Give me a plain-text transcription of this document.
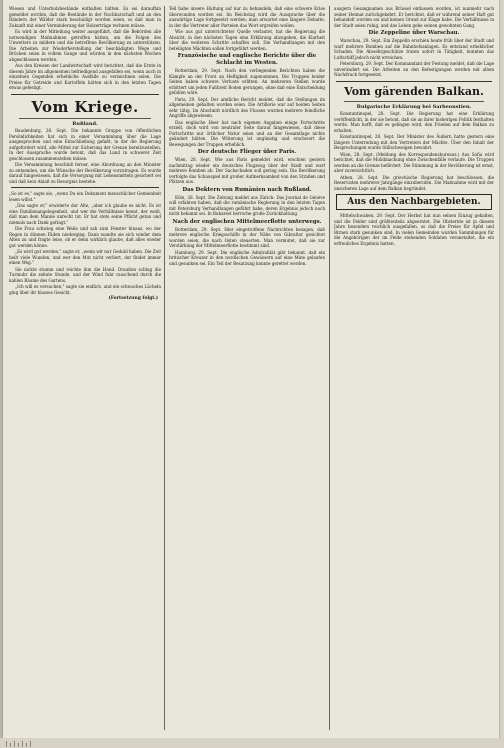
Wiesen und Unterholzbestände enthalten hätten. Es sei daraufhin gemeldet worden, daß die Bestände in der Nachbarschaft und an den Rändern der Wälder stark beschädigt worden seien, so daß man in Zukunft mit einer Verminderung der Holzerträge rechnen müsse.

Es wird in der Mitteilung weiter ausgeführt, daß die Behörden alle notwendigen Maßnahmen getroffen hätten, um die Folgen des Unwetters zu mildern und die betroffene Bevölkerung zu unterstützen. Die Arbeiten zur Wiederherstellung der beschädigten Wege und Brücken seien in vollem Gange und würden in den nächsten Wochen abgeschlossen werden.

Aus den Kreisen der Landwirtschaft wird berichtet, daß die Ernte in diesem Jahre im allgemeinen befriedigend ausgefallen sei, wenn auch in einzelnen Gegenden erhebliche Ausfälle zu verzeichnen seien. Die Preise für Getreide und Kartoffeln hätten sich in den letzten Tagen etwas gefestigt.

Vom Kriege.
Rußland.

Baudenburg, 26. Sept. Die bekannte Gruppe von öffentlichen Persönlichkeiten hat sich in einer Versammlung über die Lage ausgesprochen und eine Entschließung gefaßt, in der die Regierung aufgefordert wird, alle Mittel zur Sicherung der Grenze bereitzustellen. In der Aussprache wurde betont, daß das Land in schwerer Zeit geschlossen zusammenstehen müsse.

Die Versammlung beschloß ferner, eine Abordnung an den Minister zu entsenden, um die Wünsche der Bevölkerung vorzutragen. Es wurde darauf hingewiesen, daß die Versorgung mit Lebensmitteln gesichert sei und daß kein Anlaß zu Besorgnis bestehe.

„So ist es," sagte sie, „wenn Du ein Dokument menschlicher Gemeinheit lesen willst."

„Das sagte er," erwiderte der Alte, „aber ich glaube es nicht. Es ist eine Familienangelegenheit, und wer die Verhältnisse kennt, der weiß, daß man dem Manne unrecht tut. Er hat stets seine Pflicht getan und niemals nach Dank gefragt."

Die Frau schwieg eine Weile und sah zum Fenster hinaus, wo der Regen in dünnen Fäden niederging. Dann wandte sie sich wieder dem Alten zu und fragte leise, ob er denn wirklich glaube, daß alles wieder gut werden könne.

„Es wird gut werden," sagte er, „wenn wir nur Geduld haben. Die Zeit heilt viele Wunden, und wer den Mut nicht verliert, der findet immer einen Weg."

Sie nickte stumm und reichte ihm die Hand. Draußen schlug die Turmuhr die zehnte Stunde, und der Wind fuhr rauschend durch die kahlen Bäume des Gartens.

„Ich will es versuchen," sagte sie endlich, und ein schwaches Lächeln ging über ihr blasses Gesicht.

(Fortsetzung folgt.)

Teil habe unsere Haltung auf nur zu behandeln, daß eine schwere Krise überwunden worden sei. Im Reichstag wird die Aussprache über die auswärtige Lage fortgesetzt werden; man erwartet eine längere Debatte, in der die Vertreter aller Parteien das Wort ergreifen wollen.

Wie aus gut unterrichteter Quelle verlautet, hat die Regierung die Absicht, in den nächsten Tagen eine Erklärung abzugeben, die Klarheit über die weiteren Schritte schaffen soll. Die Verhandlungen mit den beteiligten Mächten sollen fortgeführt werden.

Französische und englische Berichte über die Schlacht im Westen.

Rotterdam, 29. Sept. Nach den vorliegenden Berichten haben die Kämpfe an der Front an Heftigkeit zugenommen. Die Truppen beider Seiten haben schwere Verluste erlitten. An mehreren Stellen wurde erbittert um jeden Fußbreit Boden gerungen, ohne daß eine Entscheidung gefallen wäre.

Paris, 29. Sept. Der amtliche Bericht meldet, daß die Stellungen im allgemeinen gehalten worden seien. Die Artillerie war auf beiden Seiten sehr tätig. Im Abschnitt nördlich des Flusses wurden mehrere feindliche Angriffe abgewiesen.

Das englische Heer hat nach eigenen Angaben einige Fortschritte erzielt, doch wird von neutraler Seite darauf hingewiesen, daß diese Fortschritte nur örtlicher Natur seien und an der Gesamtlage nichts geändert hätten. Die Witterung ist ungünstig und erschwert die Bewegungen der Truppen erheblich.

Der deutsche Flieger über Paris.

Wien, 28. Sept. Wie aus Paris gemeldet wird, erschien gestern nachmittag wieder ein deutsches Flugzeug über der Stadt und warf mehrere Bomben ab. Der Sachschaden soll gering sein. Die Bevölkerung verfolgte das Schauspiel mit großer Aufmerksamkeit von den Straßen und Plätzen aus.

Das Doktern von Rumänien nach Rußland.

Köln, 28. Sept. Die Zeitung meldet aus Zürich: Das Journal de Genève will erfahren haben, daß die rumänische Regierung in den letzten Tagen mit Petersburg Verhandlungen geführt habe, deren Ergebnis jedoch noch nicht bekannt sei. In Bukarest herrsche große Zurückhaltung.

Nach der englischen Mittelmeerflotte unterwegs.

Rotterdam, 29. Sept. Hier eingetroffene Nachrichten besagen, daß mehrere englische Kriegsschiffe in der Nähe von Gibraltar gesichtet worden seien, die nach Osten steuerten. Man vermutet, daß sie zur Verstärkung der Mittelmeerflotte bestimmt sind.

Hamburg, 29. Sept. Die englische Admiralität gibt bekannt, daß ein britischer Kreuzer in den nordischen Gewässern auf eine Mine gelaufen und gesunken sei. Ein Teil der Besatzung konnte gerettet werden.

ausgern Gesangnamen aus Brüssel entlassen worden, ist nunmehr nach seiner Heimat zurückgekehrt. Er berichtet, daß er während seiner Haft gut behandelt worden sei und keinen Grund zur Klage habe. Die Verhältnisse in der Stadt seien ruhig, und das Leben gehe seinen gewohnten Gang.

Die Zeppeline über Warschau.

Warschau, 29. Sept. Ein Zeppelin erschien heute früh über der Stadt und warf mehrere Bomben auf die Bahnhofsanlagen. Es entstand erheblicher Schaden. Die Abwehrgeschütze traten sofort in Tätigkeit, konnten das Luftschiff jedoch nicht erreichen.

Petersburg, 29. Sept. Der Kommandant der Festung meldet, daß die Lage unverändert sei. Die Arbeiten an den Befestigungen werden mit allem Nachdruck fortgesetzt.

Vom gärenden Balkan.
Bulgarische Erklärung bei Sarbeonstien.

Konstantinopel, 28. Sept. Die Regierung hat eine Erklärung veröffentlicht, in der sie betont, daß sie an ihrer bisherigen Politik festhalten werde. Man hofft, daß es gelingen wird, den Frieden auf dem Balkan zu erhalten.

Konstantinopel, 28. Sept. Der Minister des Äußern hatte gestern eine längere Unterredung mit den Vertretern der Mächte. Über den Inhalt der Besprechungen wurde Stillschweigen bewahrt.

Wien, 28. Sept. (Meldung des Korrespondenzbureaus.) Aus Sofia wird berichtet, daß die Mobilmachung ohne Zwischenfälle verlaufe. Die Truppen werden an die Grenze befördert. Die Stimmung in der Bevölkerung ist ernst, aber zuversichtlich.

Athen, 28. Sept. Die griechische Regierung hat beschlossen, die Reservisten mehrerer Jahrgänge einzuberufen. Die Maßnahme wird mit der unsicheren Lage auf dem Balkan begründet.

Aus den Nachbargebieten.

Mittelschwaben, 29. Sept. Der Herbst hat nun seinen Einzug gehalten, und die Felder sind größtenteils abgeerntet. Die Obsternte ist in diesem Jahre besonders reichlich ausgefallen, so daß die Preise für Äpfel und Birnen stark gesunken sind. In vielen Gemeinden wurden Sammlungen für die Angehörigen der im Felde stehenden Soldaten veranstaltet, die ein erfreuliches Ergebnis hatten.
